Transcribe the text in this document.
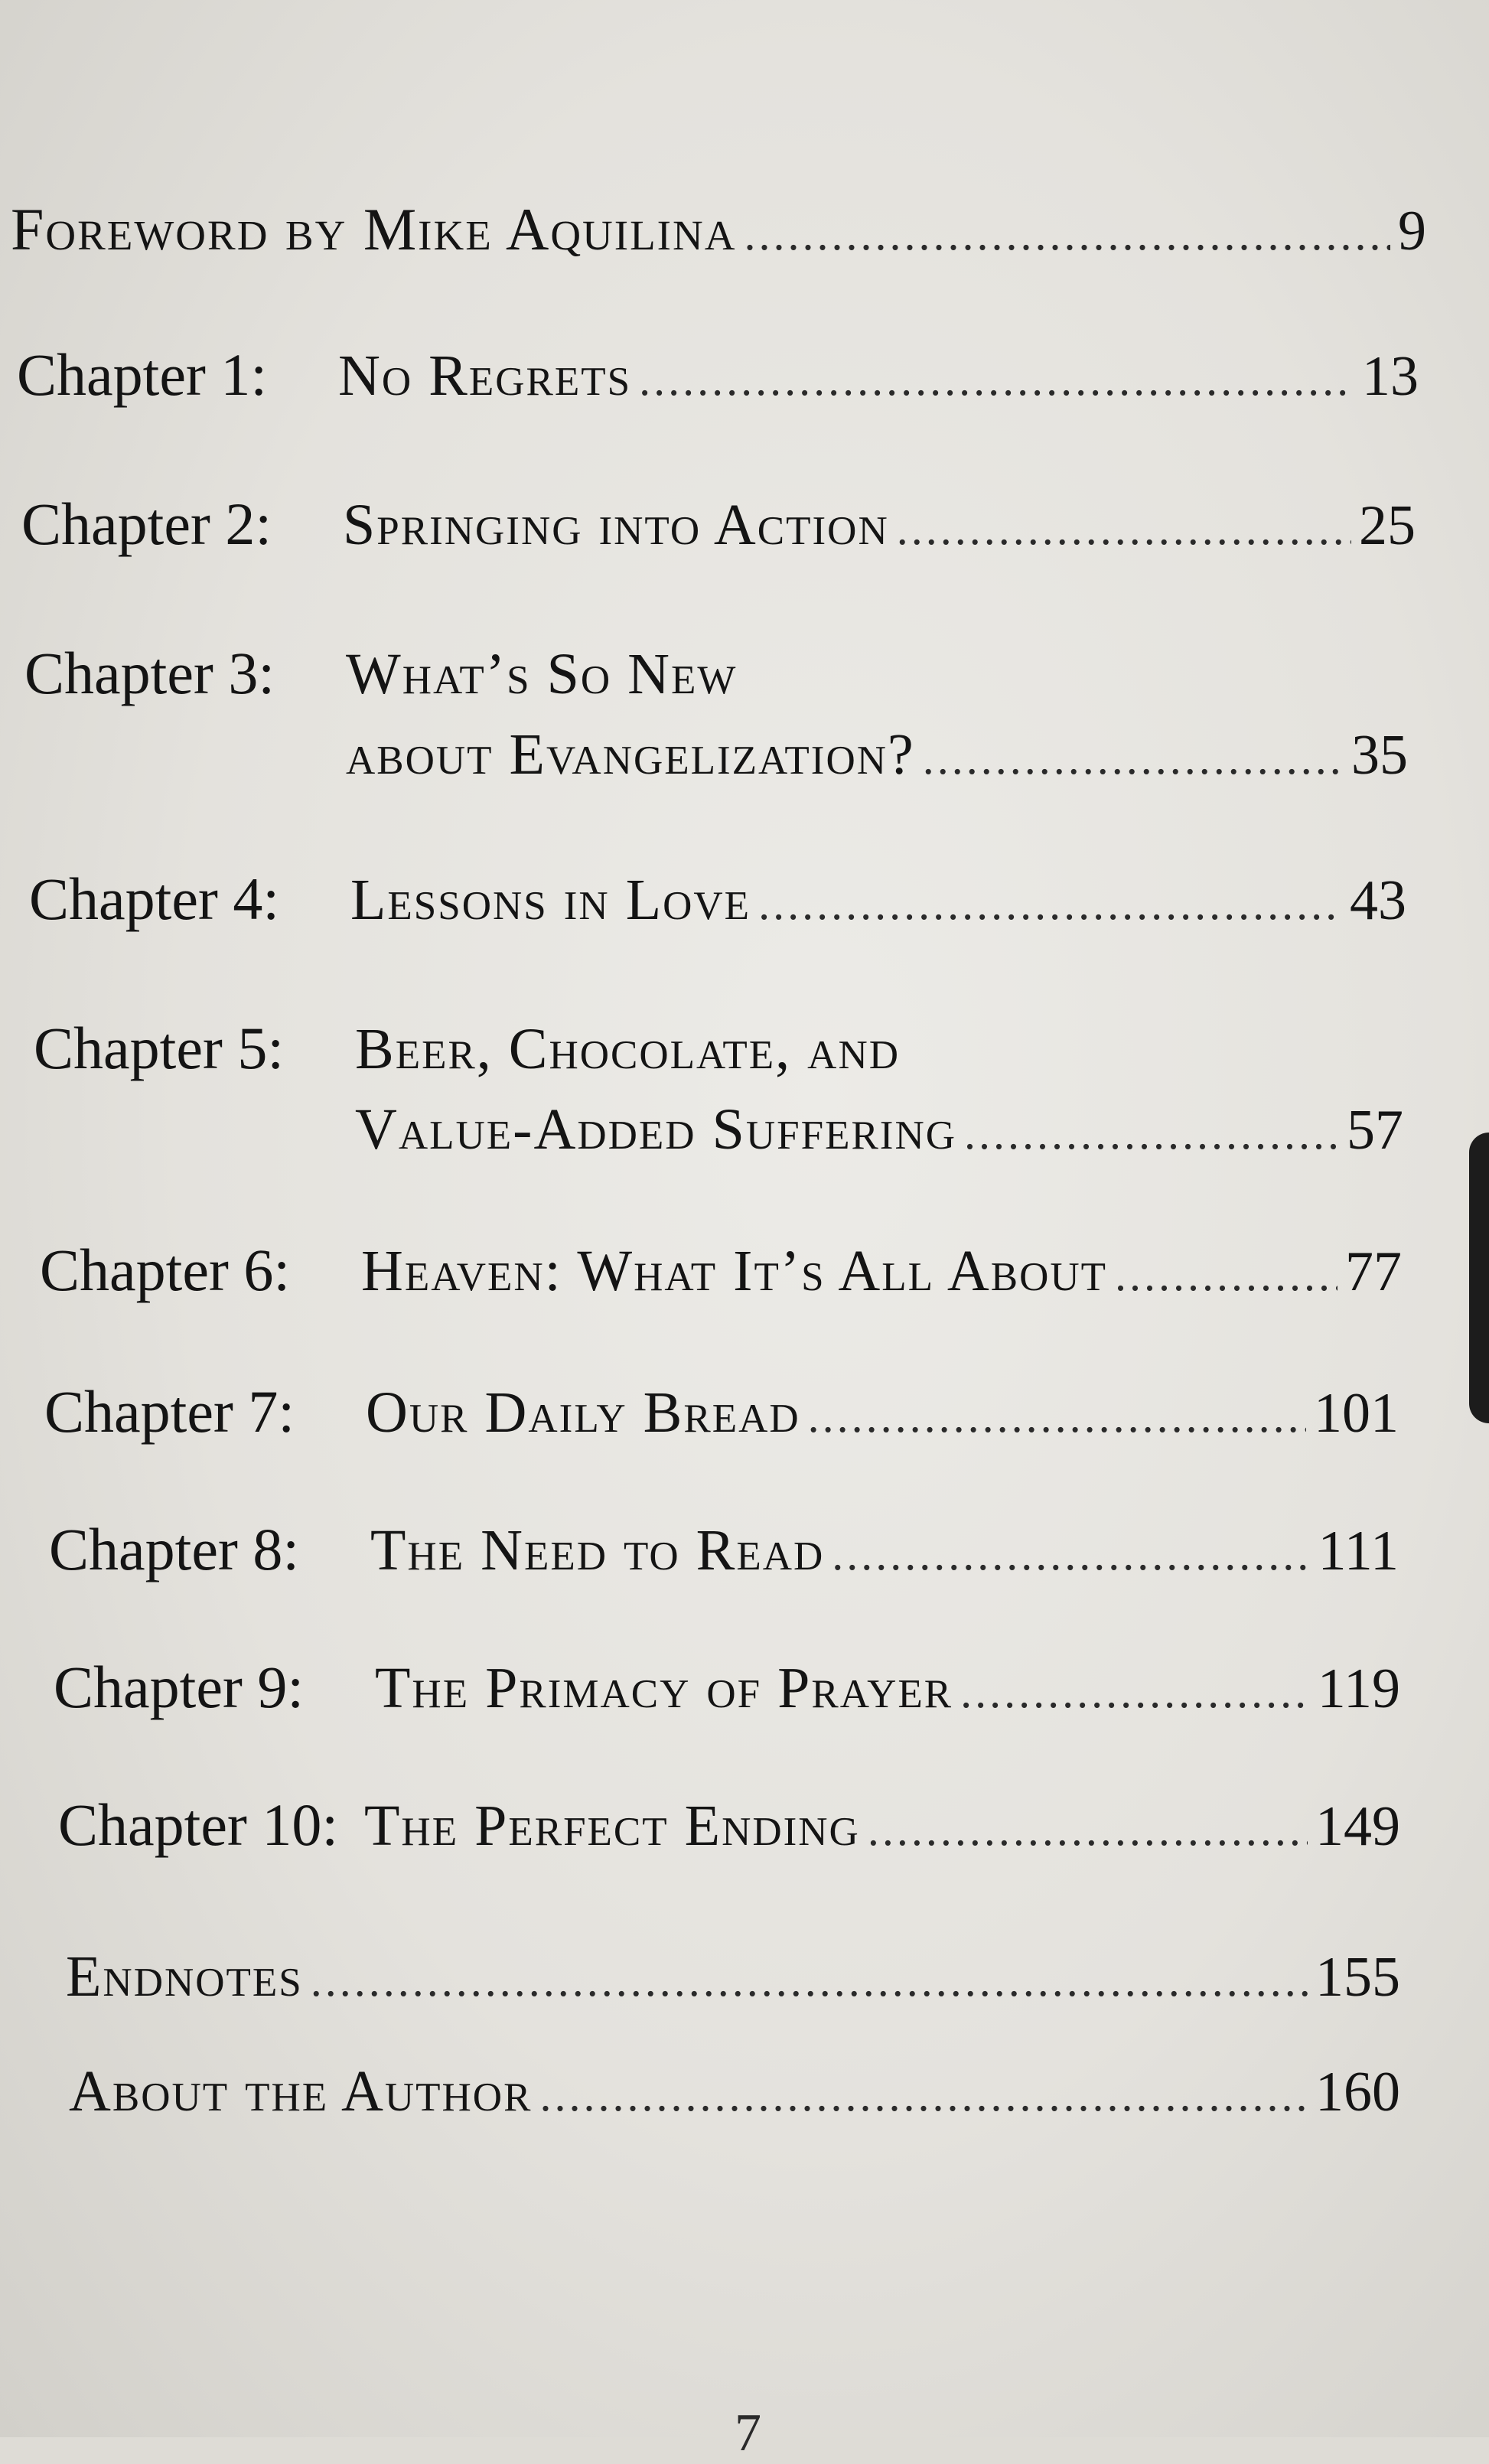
Foreword by Mike Aquilina .....	9
Chapter 1:	No Regrets .....	13
Chapter 2:	Springing into Action .....	25
Chapter 3:	What’s So New
about Evangelization? .....	35
Chapter 4:	Lessons in Love .....	43
Chapter 5:	Beer, Chocolate, and
Value-Added Suffering .....	57
Chapter 6:	Heaven: What It’s All About .....	77
Chapter 7:	Our Daily Bread .....	101
Chapter 8:	The Need to Read .....	111
Chapter 9:	The Primacy of Prayer .....	119
Chapter 10: The Perfect Ending .....	149
Endnotes .....	155
About the Author .....	160
7
